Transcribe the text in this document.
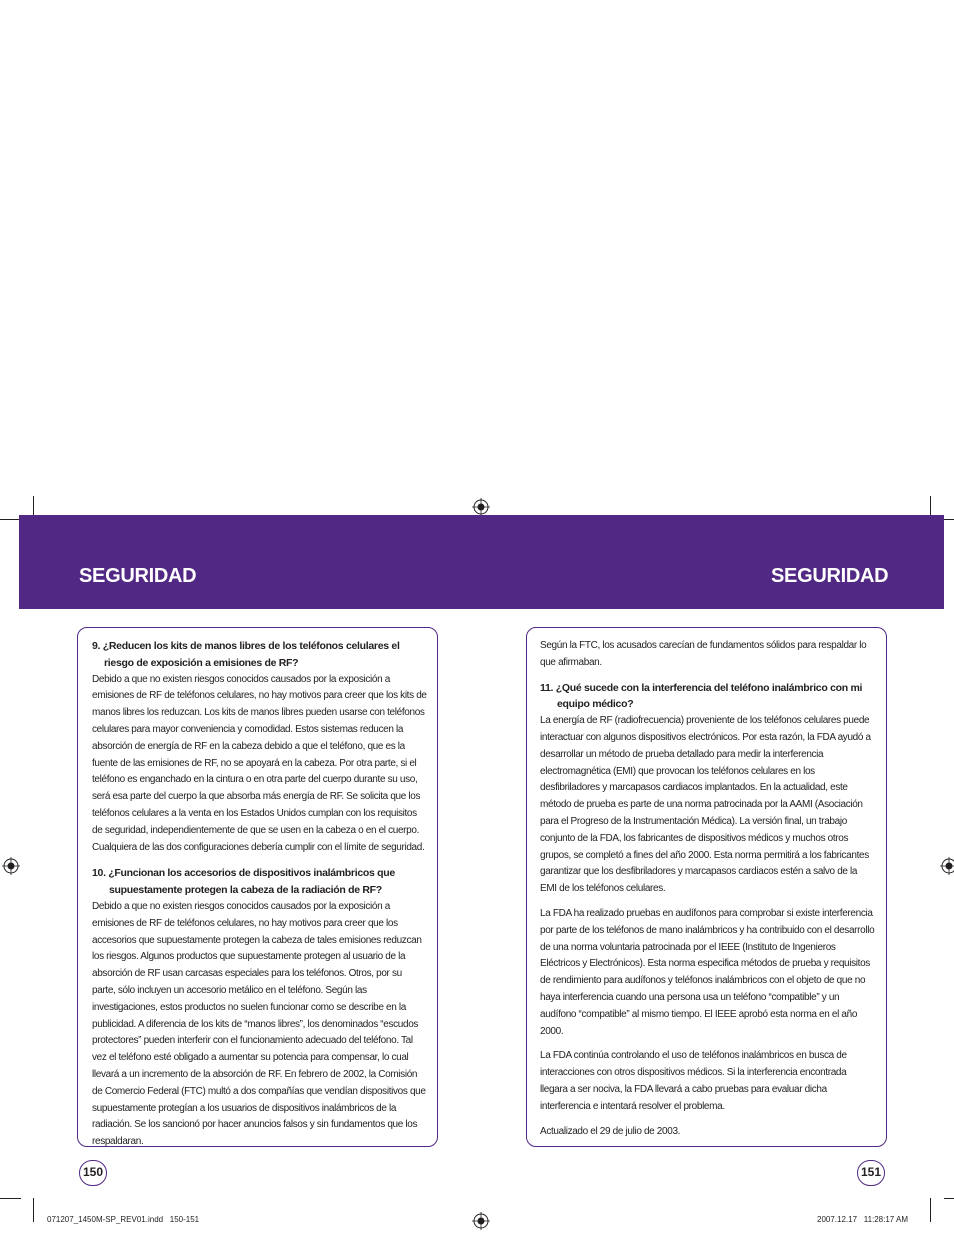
SEGURIDAD	SEGURIDAD

9. ¿Reducen los kits de manos libres de los teléfonos celulares el riesgo de exposición a emisiones de RF?

Debido a que no existen riesgos conocidos causados por la exposición a emisiones de RF de teléfonos celulares, no hay motivos para creer que los kits de manos libres los reduzcan. Los kits de manos libres pueden usarse con teléfonos celulares para mayor conveniencia y comodidad. Estos sistemas reducen la absorción de energía de RF en la cabeza debido a que el teléfono, que es la fuente de las emisiones de RF, no se apoyará en la cabeza. Por otra parte, si el teléfono es enganchado en la cintura o en otra parte del cuerpo durante su uso, será esa parte del cuerpo la que absorba más energía de RF. Se solicita que los teléfonos celulares a la venta en los Estados Unidos cumplan con los requisitos de seguridad, independientemente de que se usen en la cabeza o en el cuerpo. Cualquiera de las dos configuraciones debería cumplir con el límite de seguridad.

10. ¿Funcionan los accesorios de dispositivos inalámbricos que supuestamente protegen la cabeza de la radiación de RF?

Debido a que no existen riesgos conocidos causados por la exposición a emisiones de RF de teléfonos celulares, no hay motivos para creer que los accesorios que supuestamente protegen la cabeza de tales emisiones reduzcan los riesgos. Algunos productos que supuestamente protegen al usuario de la absorción de RF usan carcasas especiales para los teléfonos. Otros, por su parte, sólo incluyen un accesorio metálico en el teléfono. Según las investigaciones, estos productos no suelen funcionar como se describe en la publicidad. A diferencia de los kits de “manos libres”, los denominados “escudos protectores” pueden interferir con el funcionamiento adecuado del teléfono. Tal vez el teléfono esté obligado a aumentar su potencia para compensar, lo cual llevará a un incremento de la absorción de RF. En febrero de 2002, la Comisión de Comercio Federal (FTC) multó a dos compañías que vendían dispositivos que supuestamente protegían a los usuarios de dispositivos inalámbricos de la radiación. Se los sancionó por hacer anuncios falsos y sin fundamentos que los respaldaran.

Según la FTC, los acusados carecían de fundamentos sólidos para respaldar lo que afirmaban.

11. ¿Qué sucede con la interferencia del teléfono inalámbrico con mi equipo médico?

La energía de RF (radiofrecuencia) proveniente de los teléfonos celulares puede interactuar con algunos dispositivos electrónicos. Por esta razón, la FDA ayudó a desarrollar un método de prueba detallado para medir la interferencia electromagnética (EMI) que provocan los teléfonos celulares en los desfibriladores y marcapasos cardiacos implantados. En la actualidad, este método de prueba es parte de una norma patrocinada por la AAMI (Asociación para el Progreso de la Instrumentación Médica). La versión final, un trabajo conjunto de la FDA, los fabricantes de dispositivos médicos y muchos otros grupos, se completó a fines del año 2000. Esta norma permitirá a los fabricantes garantizar que los desfibriladores y marcapasos cardiacos estén a salvo de la EMI de los teléfonos celulares.

La FDA ha realizado pruebas en audífonos para comprobar si existe interferencia por parte de los teléfonos de mano inalámbricos y ha contribuido con el desarrollo de una norma voluntaria patrocinada por el IEEE (Instituto de Ingenieros Eléctricos y Electrónicos). Esta norma especifica métodos de prueba y requisitos de rendimiento para audífonos y teléfonos inalámbricos con el objeto de que no haya interferencia cuando una persona usa un teléfono “compatible” y un audífono “compatible” al mismo tiempo. El IEEE aprobó esta norma en el año 2000.

La FDA continúa controlando el uso de teléfonos inalámbricos en busca de interacciones con otros dispositivos médicos. Si la interferencia encontrada llegara a ser nociva, la FDA llevará a cabo pruebas para evaluar dicha interferencia e intentará resolver el problema.

Actualizado el 29 de julio de 2003.

150	151
071207_1450M-SP_REV01.indd   150-151	2007.12.17   11:28:17 AM
